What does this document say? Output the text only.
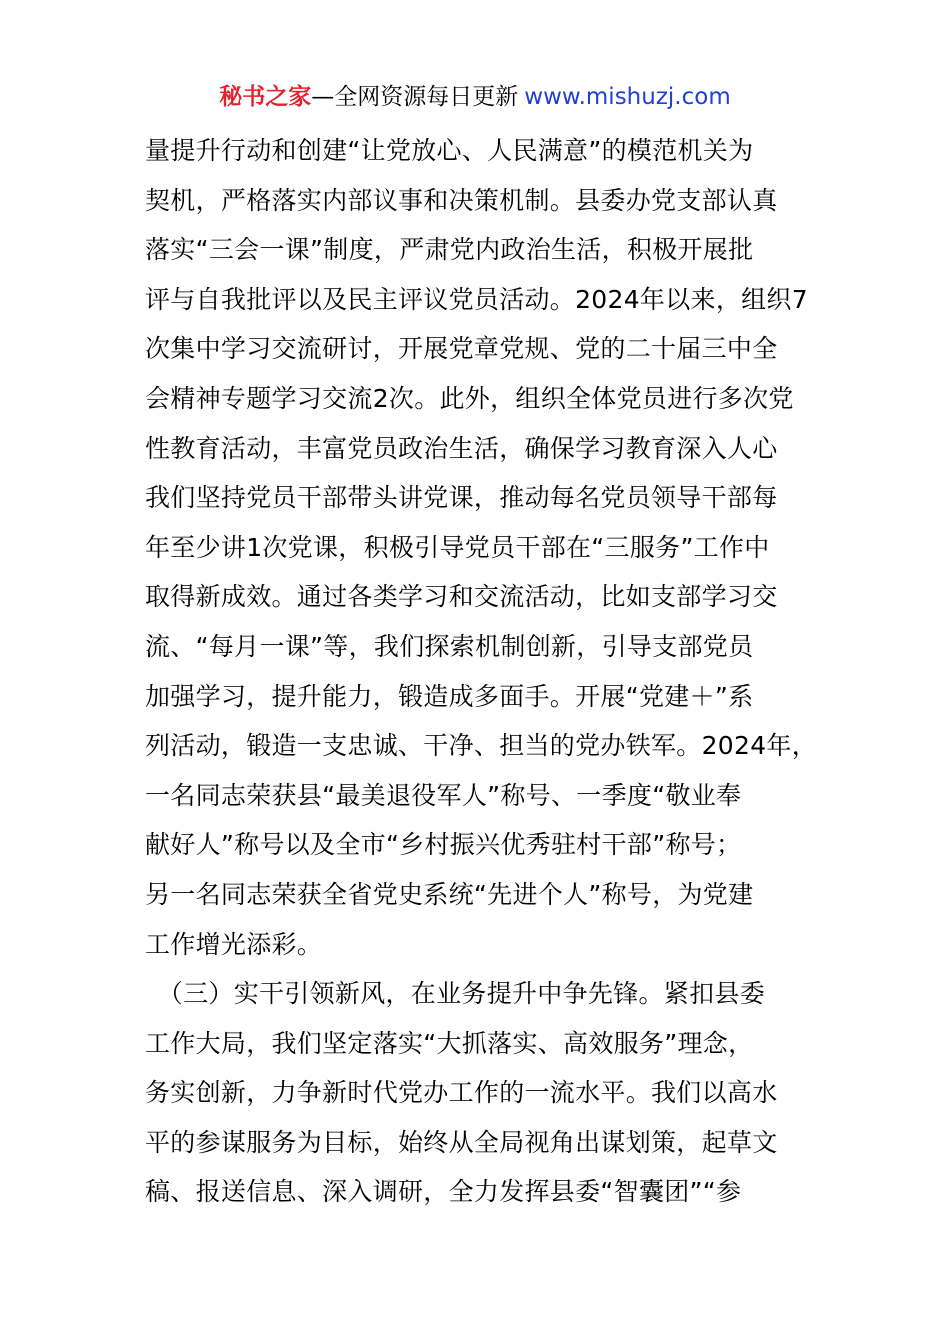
秘书之家—全网资源每日更新 www.mishuzj.com
量提升行动和创建“让党放心、人民满意”的模范机关为
契机，严格落实内部议事和决策机制。县委办党支部认真
落实“三会一课”制度，严肃党内政治生活，积极开展批
评与自我批评以及民主评议党员活动。2024年以来，组织7
次集中学习交流研讨，开展党章党规、党的二十届三中全
会精神专题学习交流2次。此外，组织全体党员进行多次党
性教育活动，丰富党员政治生活，确保学习教育深入人心
我们坚持党员干部带头讲党课，推动每名党员领导干部每
年至少讲1次党课，积极引导党员干部在“三服务”工作中
取得新成效。通过各类学习和交流活动，比如支部学习交
流、“每月一课”等，我们探索机制创新，引导支部党员
加强学习，提升能力，锻造成多面手。开展“党建＋”系
列活动，锻造一支忠诚、干净、担当的党办铁军。2024年，
一名同志荣获县“最美退役军人”称号、一季度“敬业奉
献好人”称号以及全市“乡村振兴优秀驻村干部”称号；
另一名同志荣获全省党史系统“先进个人”称号，为党建
工作增光添彩。
　（三）实干引领新风，在业务提升中争先锋。紧扣县委
工作大局，我们坚定落实“大抓落实、高效服务”理念，
务实创新，力争新时代党办工作的一流水平。我们以高水
平的参谋服务为目标，始终从全局视角出谋划策，起草文
稿、报送信息、深入调研，全力发挥县委“智囊团”“参
